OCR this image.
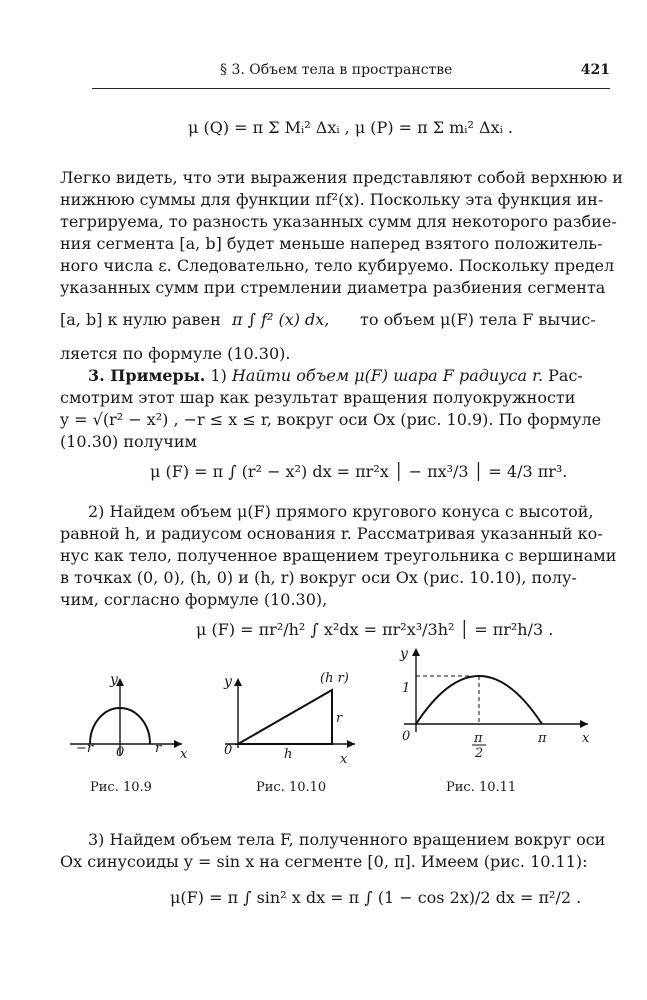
§ 3. Объем тела в пространстве	421
μ (Q) = π Σ Mᵢ² Δxᵢ , μ (P) = π Σ mᵢ² Δxᵢ .
Легко видеть, что эти выражения представляют собой верхнюю и
нижнюю суммы для функции πf²(x). Поскольку эта функция ин-
тегрируема, то разность указанных сумм для некоторого разбие-
ния сегмента [a, b] будет меньше наперед взятого положитель-
ного числа ε. Следовательно, тело кубируемо. Поскольку предел
указанных сумм при стремлении диаметра разбиения сегмента
[a, b] к нулю равен π ∫ f² (x) dx, то объем μ(F) тела F вычис-
ляется по формуле (10.30).
3. Примеры. 1) Найти объем μ(F) шара F радиуса r. Рас-
смотрим этот шар как результат вращения полуокружности
y = √(r² − x²) , −r ≤ x ≤ r, вокруг оси Ox (рис. 10.9). По формуле
(10.30) получим
μ (F) = π ∫ (r² − x²) dx = πr²x │ − πx³/3 │ = 4/3 πr³.
2) Найдем объем μ(F) прямого кругового конуса с высотой,
равной h, и радиусом основания r. Рассматривая указанный ко-
нус как тело, полученное вращением треугольника с вершинами
в точках (0, 0), (h, 0) и (h, r) вокруг оси Ox (рис. 10.10), полу-
чим, согласно формуле (10.30),
μ (F) = πr²/h² ∫ x²dx = πr²x³/3h² │ = πr²h/3 .
y
−r 0 r x
Рис. 10.9
y	(h r)
r
0	h	x
Рис. 10.10
y
1
0	π
2
π	x
Рис. 10.11
3) Найдем объем тела F, полученного вращением вокруг оси
Ox синусоиды y = sin x на сегменте [0, π]. Имеем (рис. 10.11):
μ(F) = π ∫ sin² x dx = π ∫ (1 − cos 2x)/2 dx = π²/2 .
